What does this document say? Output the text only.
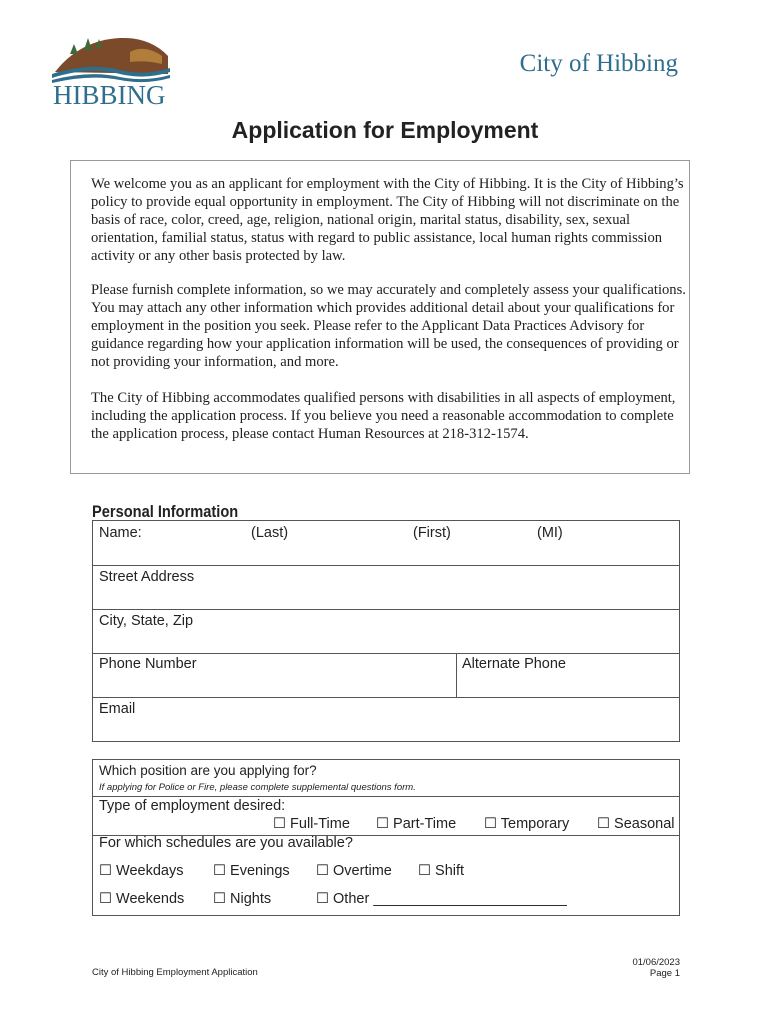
HIBBING
City of Hibbing
Application for Employment

We welcome you as an applicant for employment with the City of Hibbing. It is the City of Hibbing’s policy to provide equal opportunity in employment. The City of Hibbing will not discriminate on the basis of race, color, creed, age, religion, national origin, marital status, disability, sex, sexual orientation, familial status, status with regard to public assistance, local human rights commission activity or any other basis protected by law.

Please furnish complete information, so we may accurately and completely assess your qualifications. You may attach any other information which provides additional detail about your qualifications for employment in the position you seek. Please refer to the Applicant Data Practices Advisory for guidance regarding how your application information will be used, the consequences of providing or not providing your information, and more.

The City of Hibbing accommodates qualified persons with disabilities in all aspects of employment, including the application process. If you believe you need a reasonable accommodation to complete the application process, please contact Human Resources at 218-312-1574.

Personal Information
Name:	(Last)	(First)	(MI)
Street Address
City, State, Zip
Phone Number	Alternate Phone
Email
Which position are you applying for?
If applying for Police or Fire, please complete supplemental questions form.
Type of employment desired:
☐ Full-Time ☐ Part-Time ☐ Temporary ☐ Seasonal
For which schedules are you available?
☐ Weekdays ☐ Evenings ☐ Overtime ☐ Shift
☐ Weekends ☐ Nights	☐ Other ________________________
City of Hibbing Employment Application
01/06/2023
Page 1
